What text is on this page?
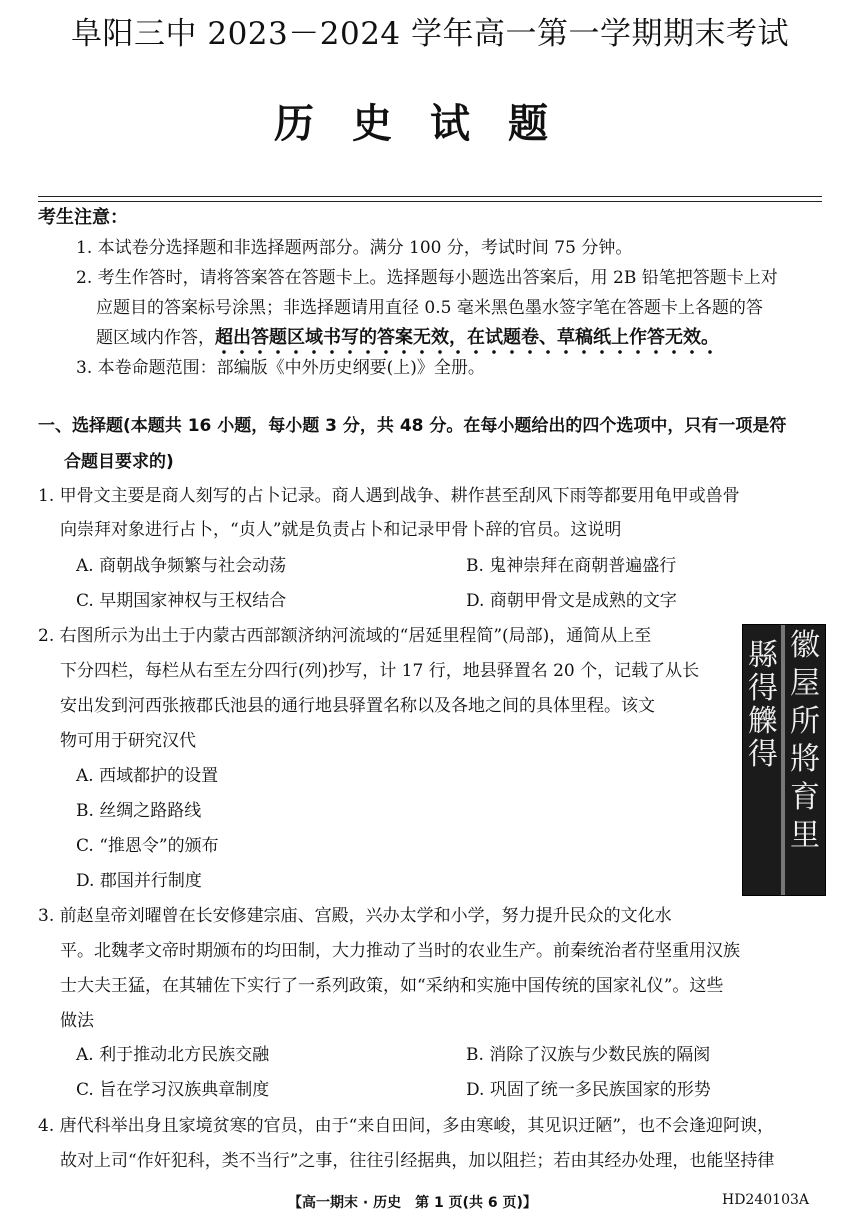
阜阳三中 2023－2024 学年高一第一学期期末考试
历史试题
考生注意：
1. 本试卷分选择题和非选择题两部分。满分 100 分，考试时间 75 分钟。
2. 考生作答时，请将答案答在答题卡上。选择题每小题选出答案后，用 2B 铅笔把答题卡上对
应题目的答案标号涂黑；非选择题请用直径 0.5 毫米黑色墨水签字笔在答题卡上各题的答
题区域内作答，超出答题区域书写的答案无效，在试题卷、草稿纸上作答无效。
3. 本卷命题范围：部编版《中外历史纲要(上)》全册。
一、选择题(本题共 16 小题，每小题 3 分，共 48 分。在每小题给出的四个选项中，只有一项是符
合题目要求的)
1. 甲骨文主要是商人刻写的占卜记录。商人遇到战争、耕作甚至刮风下雨等都要用龟甲或兽骨
向崇拜对象进行占卜，“贞人”就是负责占卜和记录甲骨卜辞的官员。这说明
A. 商朝战争频繁与社会动荡	B. 鬼神崇拜在商朝普遍盛行
C. 早期国家神权与王权结合	D. 商朝甲骨文是成熟的文字
2. 右图所示为出土于内蒙古西部额济纳河流域的“居延里程简”(局部)，通简从上至
下分四栏，每栏从右至左分四行(列)抄写，计 17 行，地县驿置名 20 个，记载了从长
安出发到河西张掖郡氏池县的通行地县驿置名称以及各地之间的具体里程。该文
物可用于研究汉代
A. 西域都护的设置
B. 丝绸之路路线
C. “推恩令”的颁布
D. 郡国并行制度
縣
得
觻
得
徽
屋
所
將
育
里
3. 前赵皇帝刘曜曾在长安修建宗庙、宫殿，兴办太学和小学，努力提升民众的文化水
平。北魏孝文帝时期颁布的均田制，大力推动了当时的农业生产。前秦统治者苻坚重用汉族
士大夫王猛，在其辅佐下实行了一系列政策，如“采纳和实施中国传统的国家礼仪”。这些
做法
A. 利于推动北方民族交融	B. 消除了汉族与少数民族的隔阂
C. 旨在学习汉族典章制度	D. 巩固了统一多民族国家的形势
4. 唐代科举出身且家境贫寒的官员，由于“来自田间，多由寒峻，其见识迂陋”，也不会逢迎阿谀，
故对上司“作奸犯科，类不当行”之事，往往引经据典，加以阻拦；若由其经办处理，也能坚持律
【高一期末 · 历史　第 1 页(共 6 页)】	HD240103A
